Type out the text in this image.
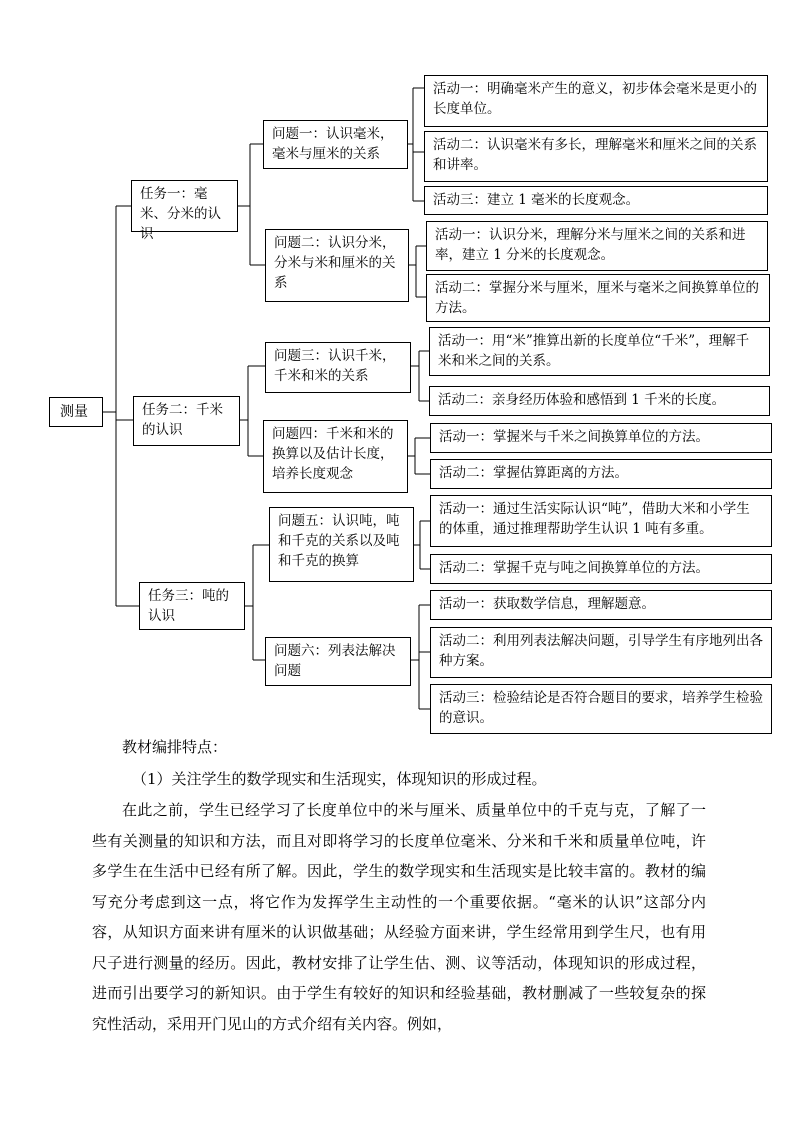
测量
任务一：毫米、分米的认识
任务二：千米的认识
任务三：吨的认识
问题一：认识毫米，毫米与厘米的关系
问题二：认识分米，分米与米和厘米的关系
问题三：认识千米，千米和米的关系
问题四：千米和米的换算以及估计长度，培养长度观念
问题五：认识吨，吨和千克的关系以及吨和千克的换算
问题六：列表法解决问题
活动一：明确毫米产生的意义，初步体会毫米是更小的长度单位。
活动二：认识毫米有多长，理解毫米和厘米之间的关系和讲率。
活动三：建立 1 毫米的长度观念。
活动一：认识分米，理解分米与厘米之间的关系和进率，建立 1 分米的长度观念。
活动二：掌握分米与厘米，厘米与毫米之间换算单位的方法。
活动一：用“米”推算出新的长度单位“千米”，理解千米和米之间的关系。
活动二：亲身经历体验和感悟到 1 千米的长度。
活动一：掌握米与千米之间换算单位的方法。
活动二：掌握估算距离的方法。
活动一：通过生活实际认识“吨”，借助大米和小学生的体重，通过推理帮助学生认识 1 吨有多重。
活动二：掌握千克与吨之间换算单位的方法。
活动一：获取数学信息，理解题意。
活动二：利用列表法解决问题，引导学生有序地列出各种方案。
活动三：检验结论是否符合题目的要求，培养学生检验的意识。
教材编排特点：
（1）关注学生的数学现实和生活现实，体现知识的形成过程。

在此之前，学生已经学习了长度单位中的米与厘米、质量单位中的千克与克，了解了一些有关测量的知识和方法，而且对即将学习的长度单位毫米、分米和千米和质量单位吨，许多学生在生活中已经有所了解。因此，学生的数学现实和生活现实是比较丰富的。教材的编写充分考虑到这一点，将它作为发挥学生主动性的一个重要依据。“毫米的认识”这部分内容，从知识方面来讲有厘米的认识做基础；从经验方面来讲，学生经常用到学生尺，也有用尺子进行测量的经历。因此，教材安排了让学生估、测、议等活动，体现知识的形成过程，进而引出要学习的新知识。由于学生有较好的知识和经验基础，教材删减了一些较复杂的探究性活动，采用开门见山的方式介绍有关内容。例如，
